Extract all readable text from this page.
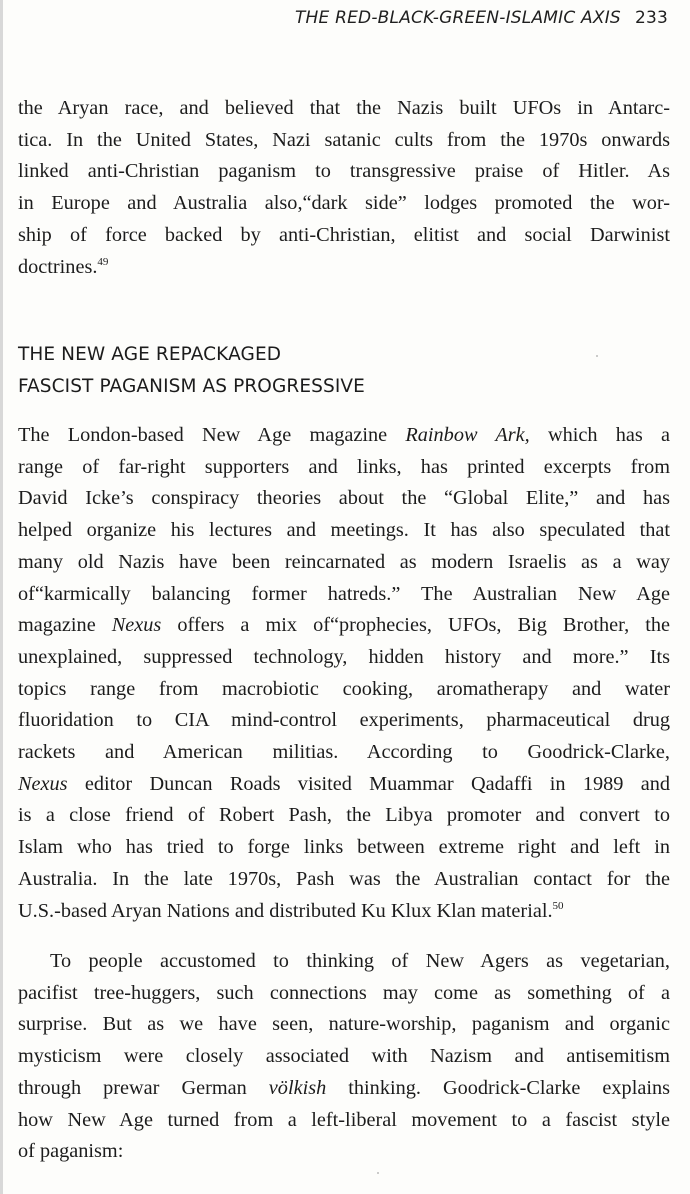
THE RED-BLACK-GREEN-ISLAMIC AXIS 233
the Aryan race, and believed that the Nazis built UFOs in Antarc-
tica. In the United States, Nazi satanic cults from the 1970s onwards
linked anti-Christian paganism to transgressive praise of Hitler. As
in Europe and Australia also,“dark side” lodges promoted the wor-
ship of force backed by anti-Christian, elitist and social Darwinist
doctrines.$^{49}$
THE NEW AGE REPACKAGED
FASCIST PAGANISM AS PROGRESSIVE
The London-based New Age magazine Rainbow Ark, which has a
range of far-right supporters and links, has printed excerpts from
David Icke’s conspiracy theories about the “Global Elite,” and has
helped organize his lectures and meetings. It has also speculated that
many old Nazis have been reincarnated as modern Israelis as a way
of“karmically balancing former hatreds.” The Australian New Age
magazine Nexus offers a mix of“prophecies, UFOs, Big Brother, the
unexplained, suppressed technology, hidden history and more.” Its
topics range from macrobiotic cooking, aromatherapy and water
fluoridation to CIA mind-control experiments, pharmaceutical drug
rackets and American militias. According to Goodrick-Clarke,
Nexus editor Duncan Roads visited Muammar Qadaffi in 1989 and
is a close friend of Robert Pash, the Libya promoter and convert to
Islam who has tried to forge links between extreme right and left in
Australia. In the late 1970s, Pash was the Australian contact for the
U.S.-based Aryan Nations and distributed Ku Klux Klan material.$^{50}$
To people accustomed to thinking of New Agers as vegetarian,
pacifist tree-huggers, such connections may come as something of a
surprise. But as we have seen, nature-worship, paganism and organic
mysticism were closely associated with Nazism and antisemitism
through prewar German völkish thinking. Goodrick-Clarke explains
how New Age turned from a left-liberal movement to a fascist style
of paganism:
